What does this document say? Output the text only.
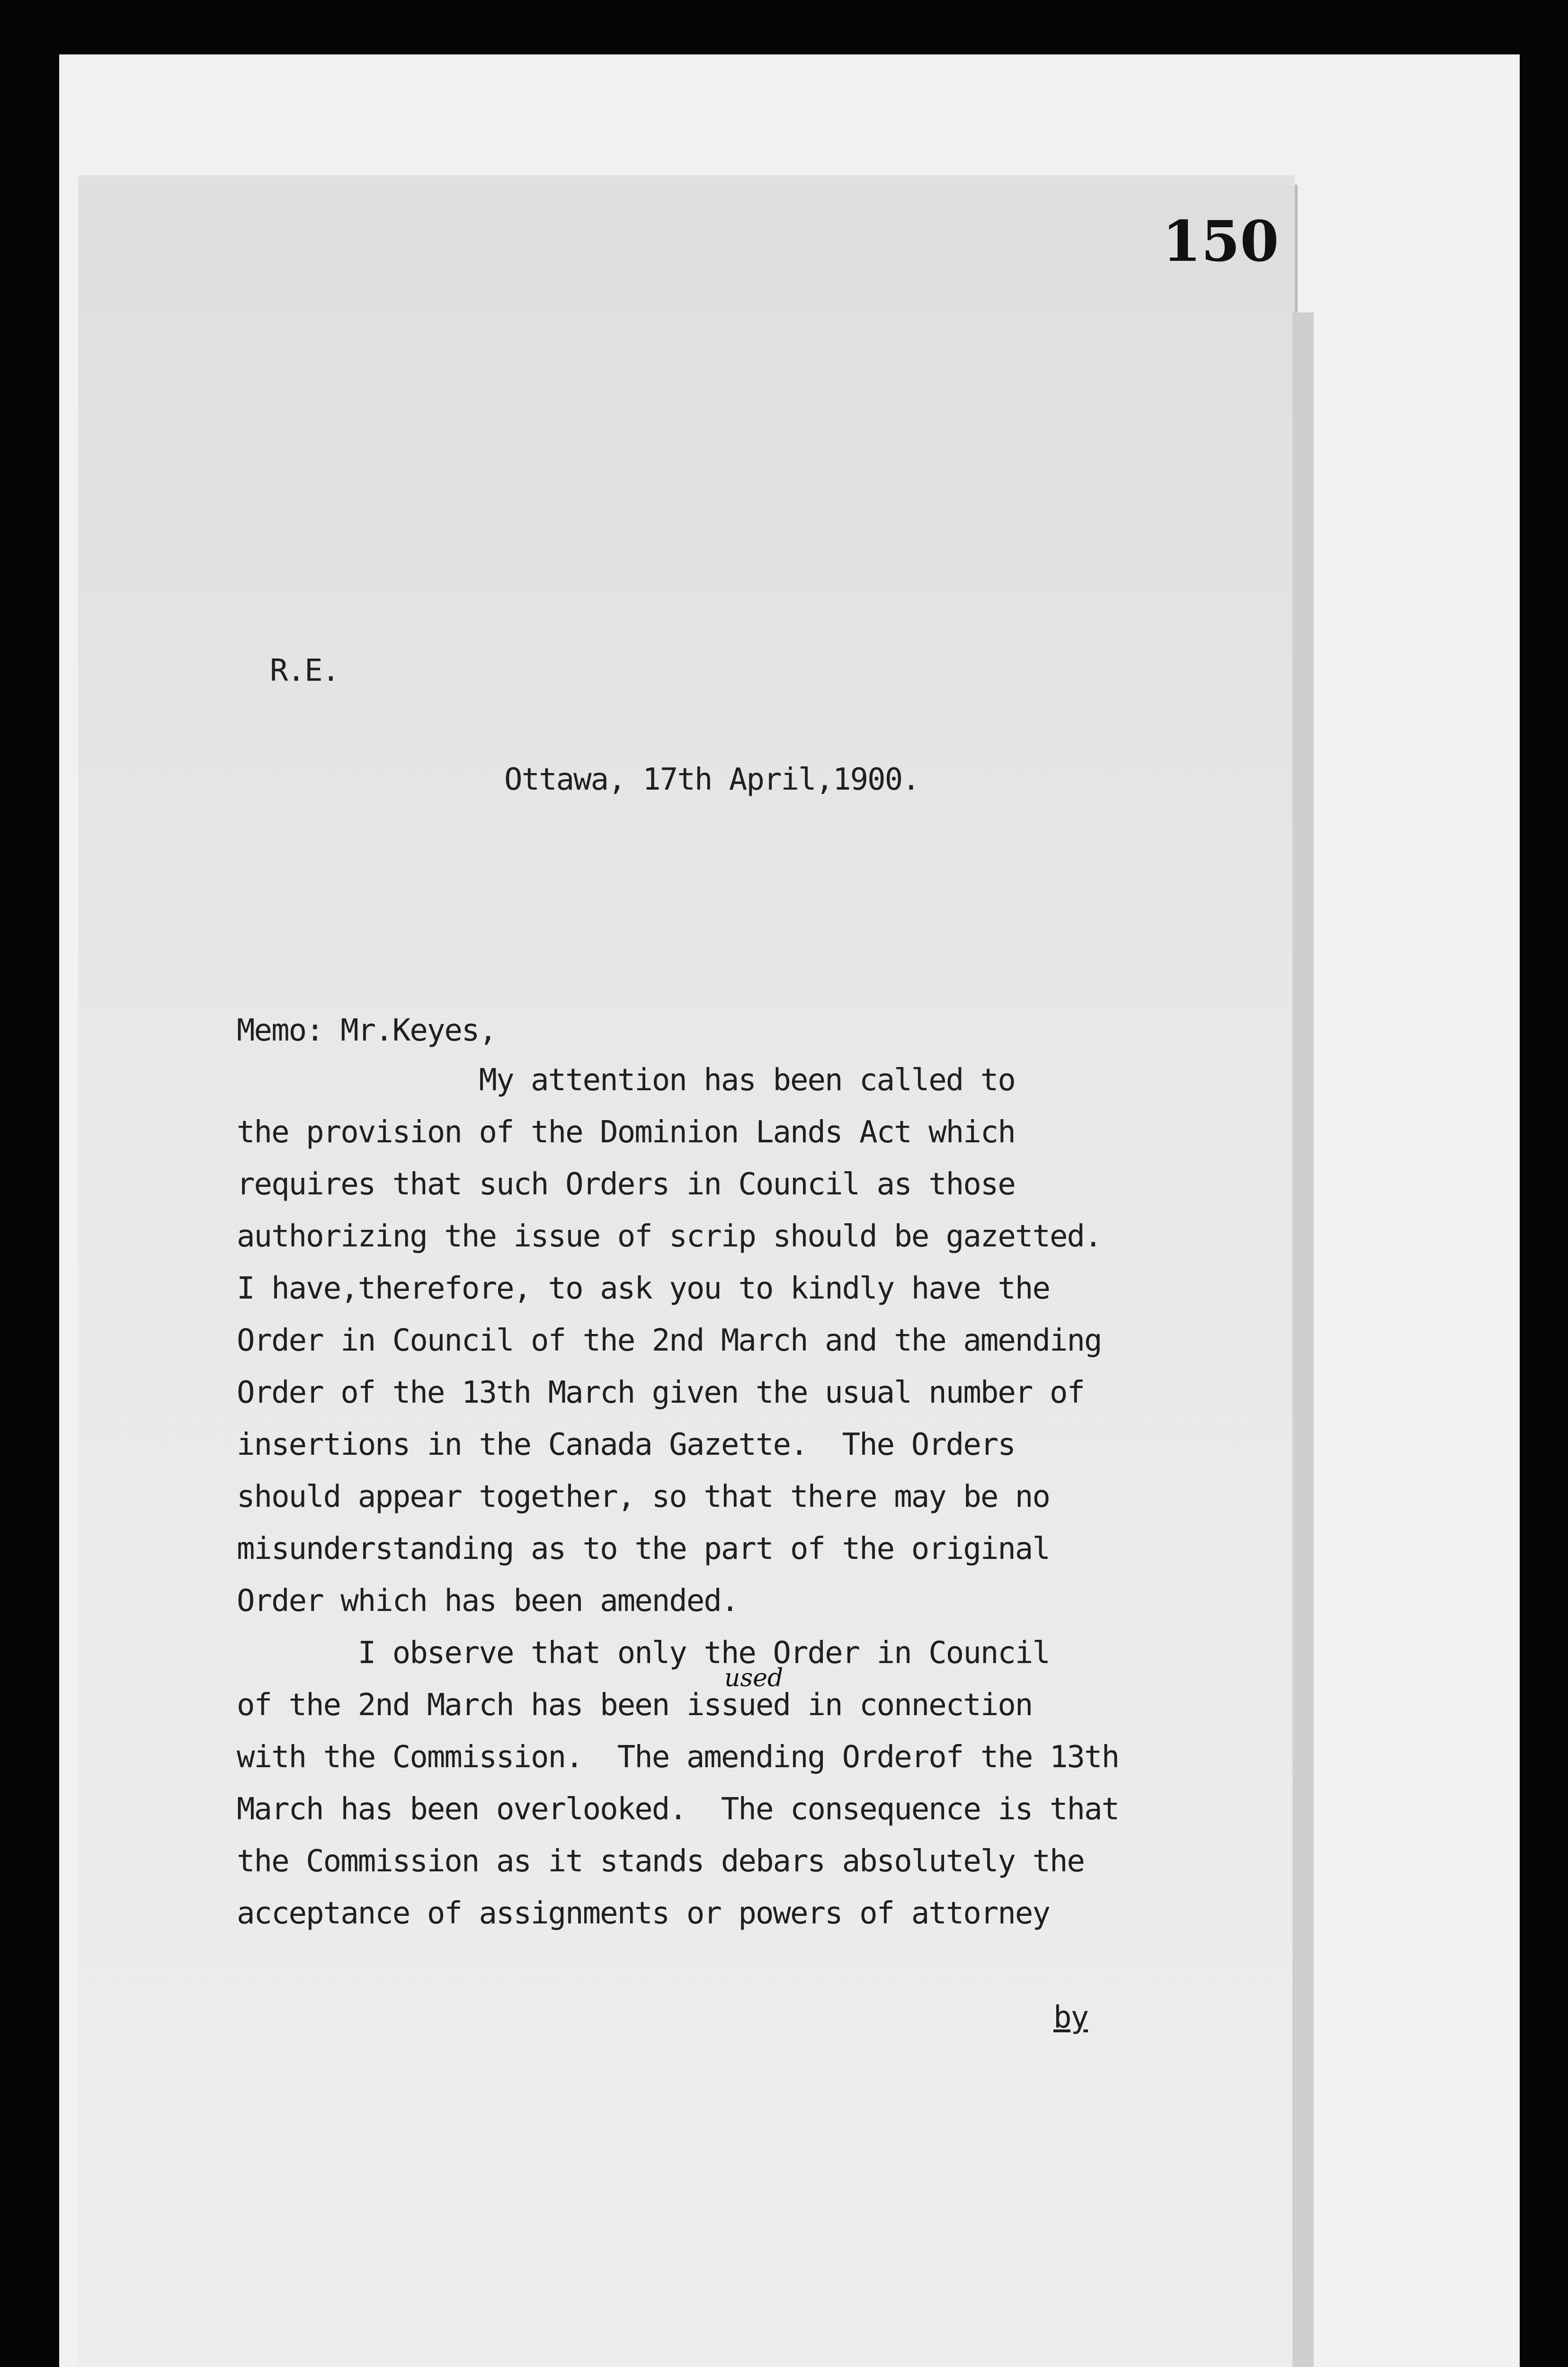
150
R.E.
Ottawa, 17th April,1900.
Memo: Mr.Keyes,
My attention has been called to
the provision of the Dominion Lands Act which
requires that such Orders in Council as those
authorizing the issue of scrip should be gazetted.
I have,therefore, to ask you to kindly have the
Order in Council of the 2nd March and the amending
Order of the 13th March given the usual number of
insertions in the Canada Gazette.  The Orders
should appear together, so that there may be no
misunderstanding as to the part of the original
Order which has been amended.
I observe that only the Order in Council
of the 2nd March has been issued in connection
with the Commission.  The amending Orderof the 13th
March has been overlooked.  The consequence is that
the Commission as it stands debars absolutely the
acceptance of assignments or powers of attorney
used
by
